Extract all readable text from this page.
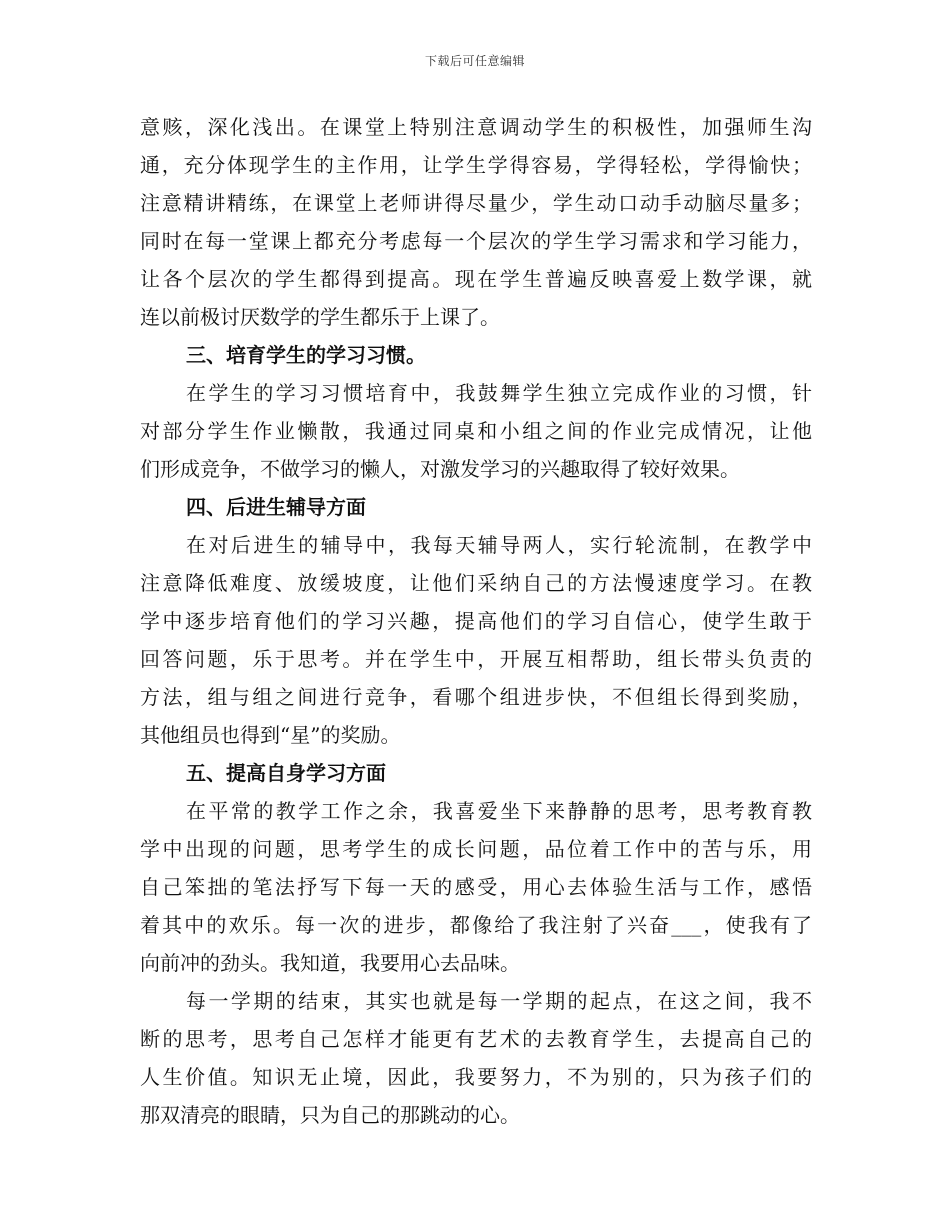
下载后可任意编辑
意赅，深化浅出。在课堂上特别注意调动学生的积极性，加强师生沟
通，充分体现学生的主作用，让学生学得容易，学得轻松，学得愉快；
注意精讲精练，在课堂上老师讲得尽量少，学生动口动手动脑尽量多；
同时在每一堂课上都充分考虑每一个层次的学生学习需求和学习能力，
让各个层次的学生都得到提高。现在学生普遍反映喜爱上数学课，就
连以前极讨厌数学的学生都乐于上课了。
三、培育学生的学习习惯。
在学生的学习习惯培育中，我鼓舞学生独立完成作业的习惯，针
对部分学生作业懒散，我通过同桌和小组之间的作业完成情况，让他
们形成竞争，不做学习的懒人，对激发学习的兴趣取得了较好效果。
四、后进生辅导方面
在对后进生的辅导中，我每天辅导两人，实行轮流制，在教学中
注意降低难度、放缓坡度，让他们采纳自己的方法慢速度学习。在教
学中逐步培育他们的学习兴趣，提高他们的学习自信心，使学生敢于
回答问题，乐于思考。并在学生中，开展互相帮助，组长带头负责的
方法，组与组之间进行竞争，看哪个组进步快，不但组长得到奖励，
其他组员也得到“星”的奖励。
五、提高自身学习方面
在平常的教学工作之余，我喜爱坐下来静静的思考，思考教育教
学中出现的问题，思考学生的成长问题，品位着工作中的苦与乐，用
自己笨拙的笔法抒写下每一天的感受，用心去体验生活与工作，感悟
着其中的欢乐。每一次的进步，都像给了我注射了兴奋___，使我有了
向前冲的劲头。我知道，我要用心去品味。
每一学期的结束，其实也就是每一学期的起点，在这之间，我不
断的思考，思考自己怎样才能更有艺术的去教育学生，去提高自己的
人生价值。知识无止境，因此，我要努力，不为别的，只为孩子们的
那双清亮的眼睛，只为自己的那跳动的心。
